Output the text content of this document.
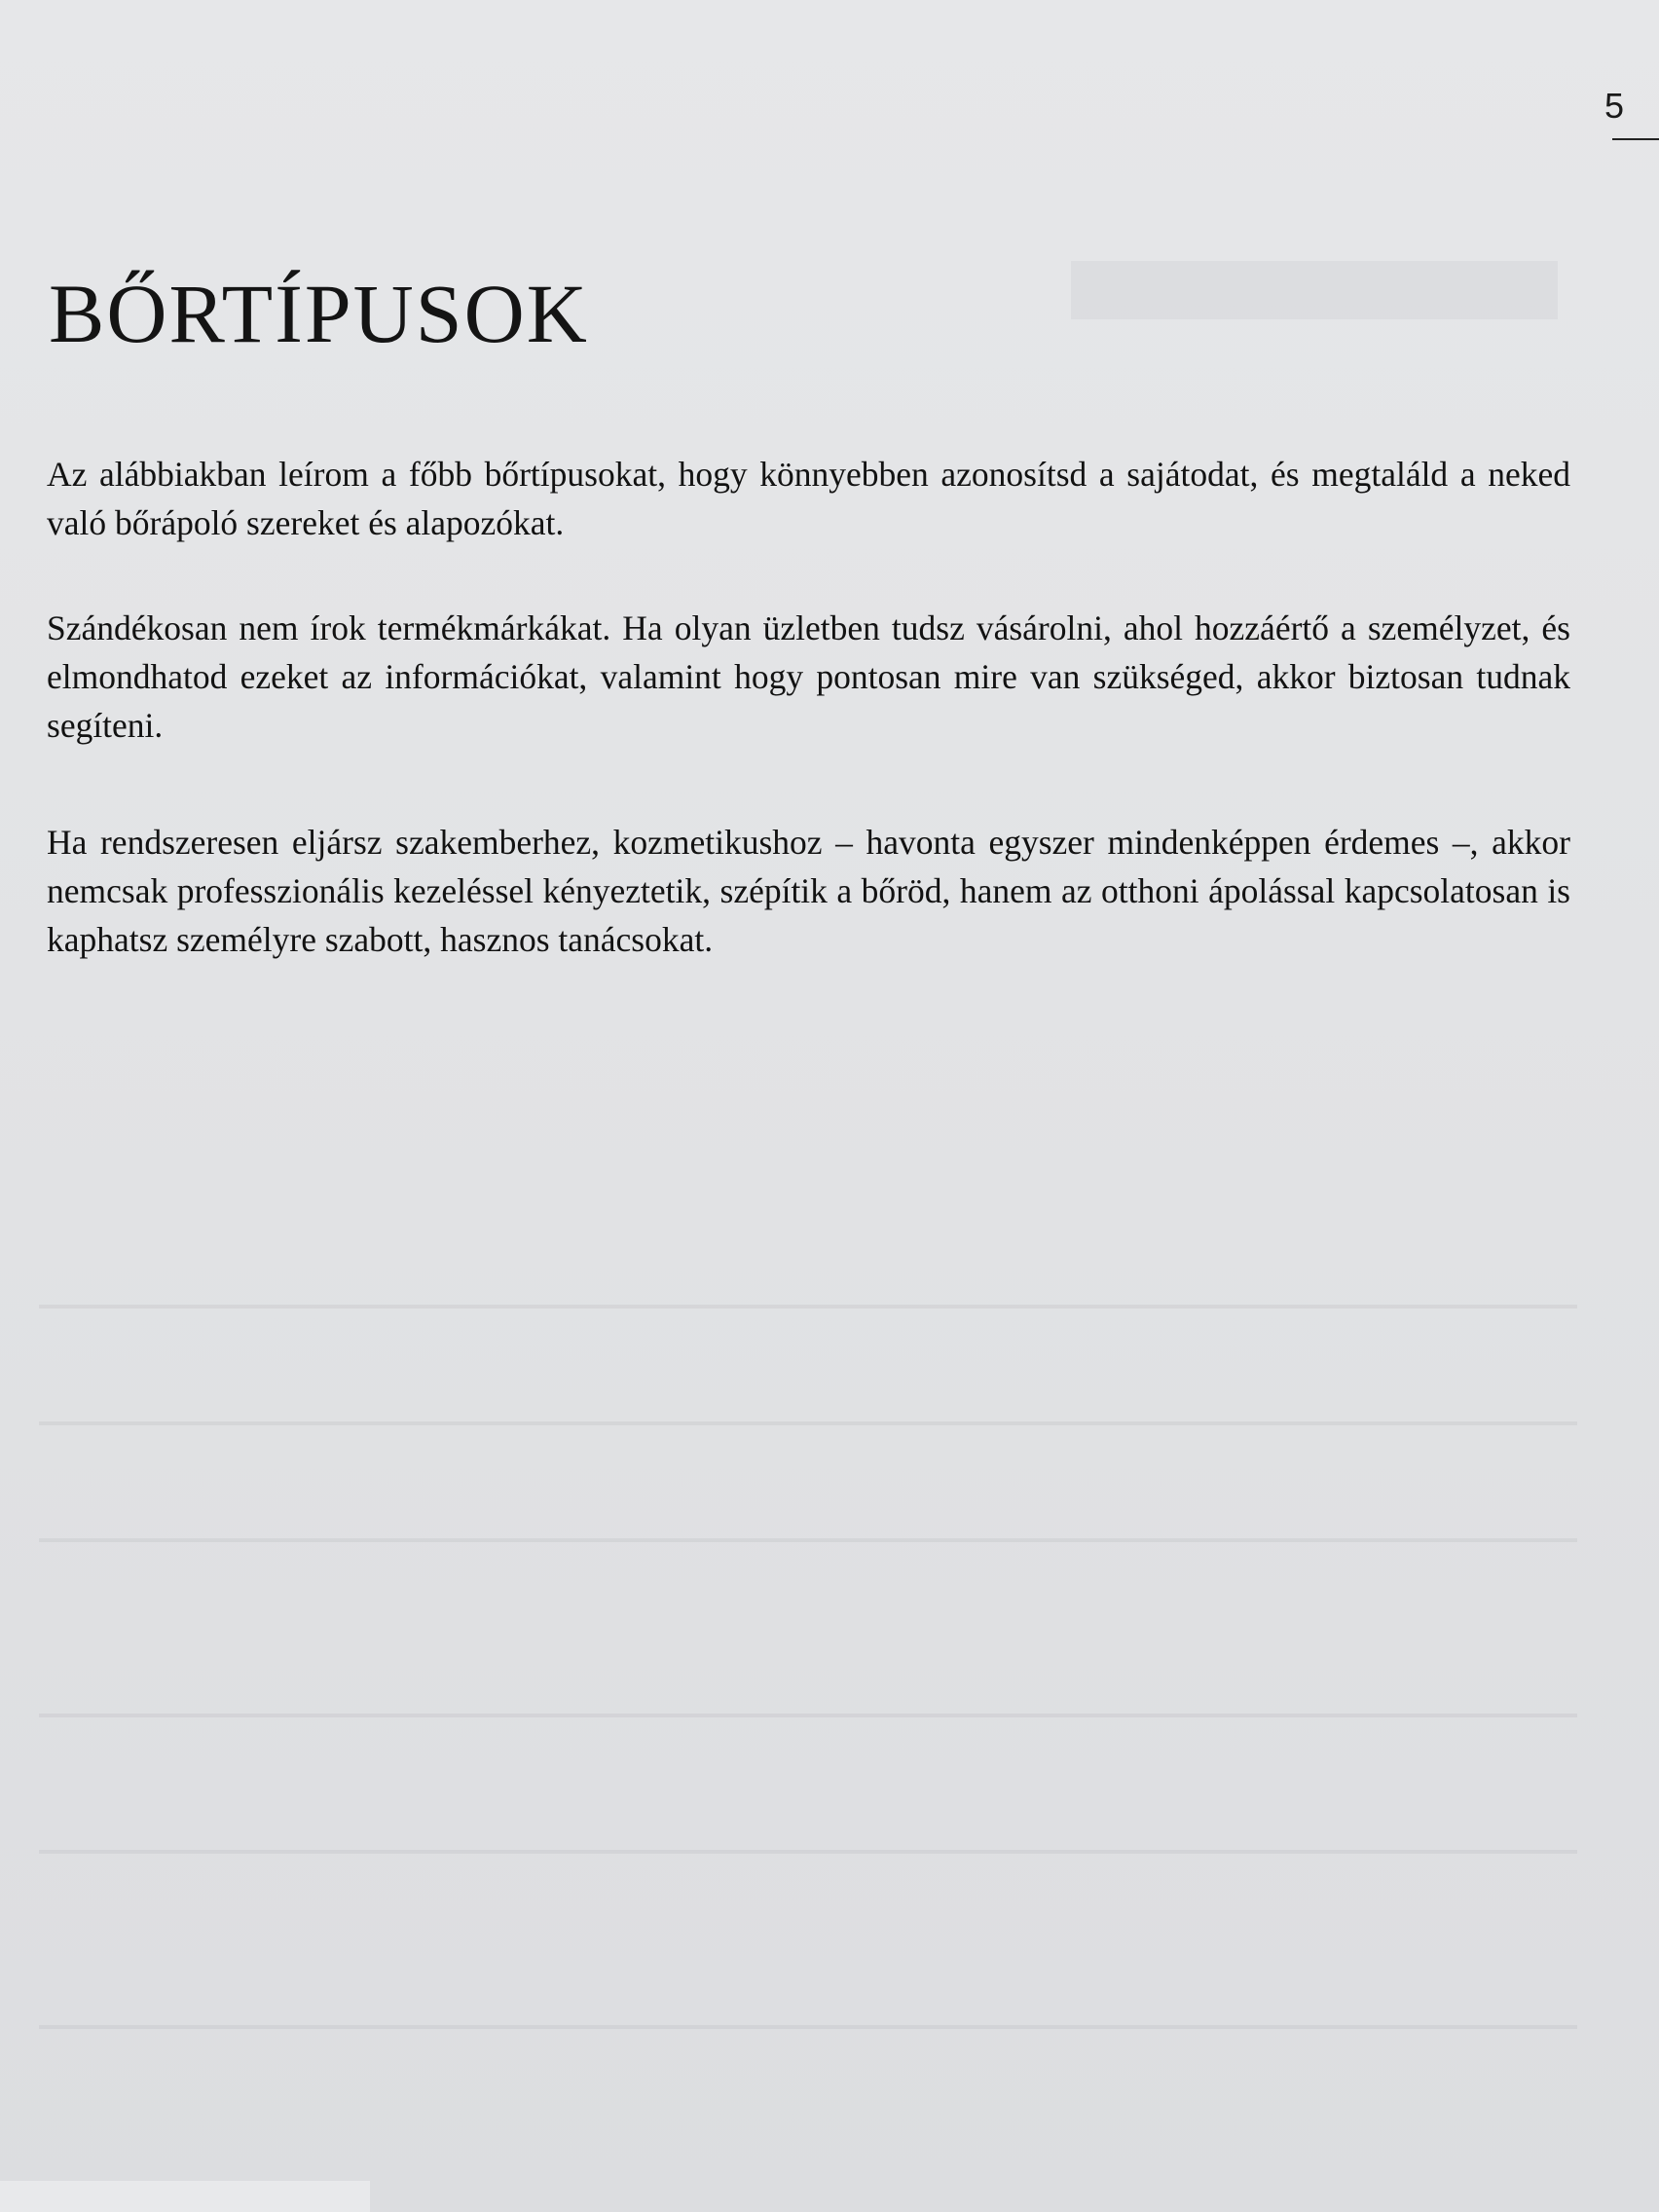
5
BŐRTÍPUSOK

Az alábbiakban leírom a főbb bőrtípusokat, hogy könnyebben azonosítsd a sajátodat, és megtaláld a neked való bőrápoló szereket és alapozókat.

Szándékosan nem írok termékmárkákat. Ha olyan üzletben tudsz vásárolni, ahol hozzáértő a személyzet, és elmondhatod ezeket az információkat, valamint hogy pontosan mire van szükséged, akkor biztosan tudnak segíteni.

Ha rendszeresen eljársz szakemberhez, kozmetikushoz – havonta egyszer mindenképpen érdemes –, akkor nemcsak professzionális kezeléssel kényeztetik, szépítik a bőröd, hanem az otthoni ápolással kapcsolatosan is kaphatsz személyre szabott, hasznos tanácsokat.
